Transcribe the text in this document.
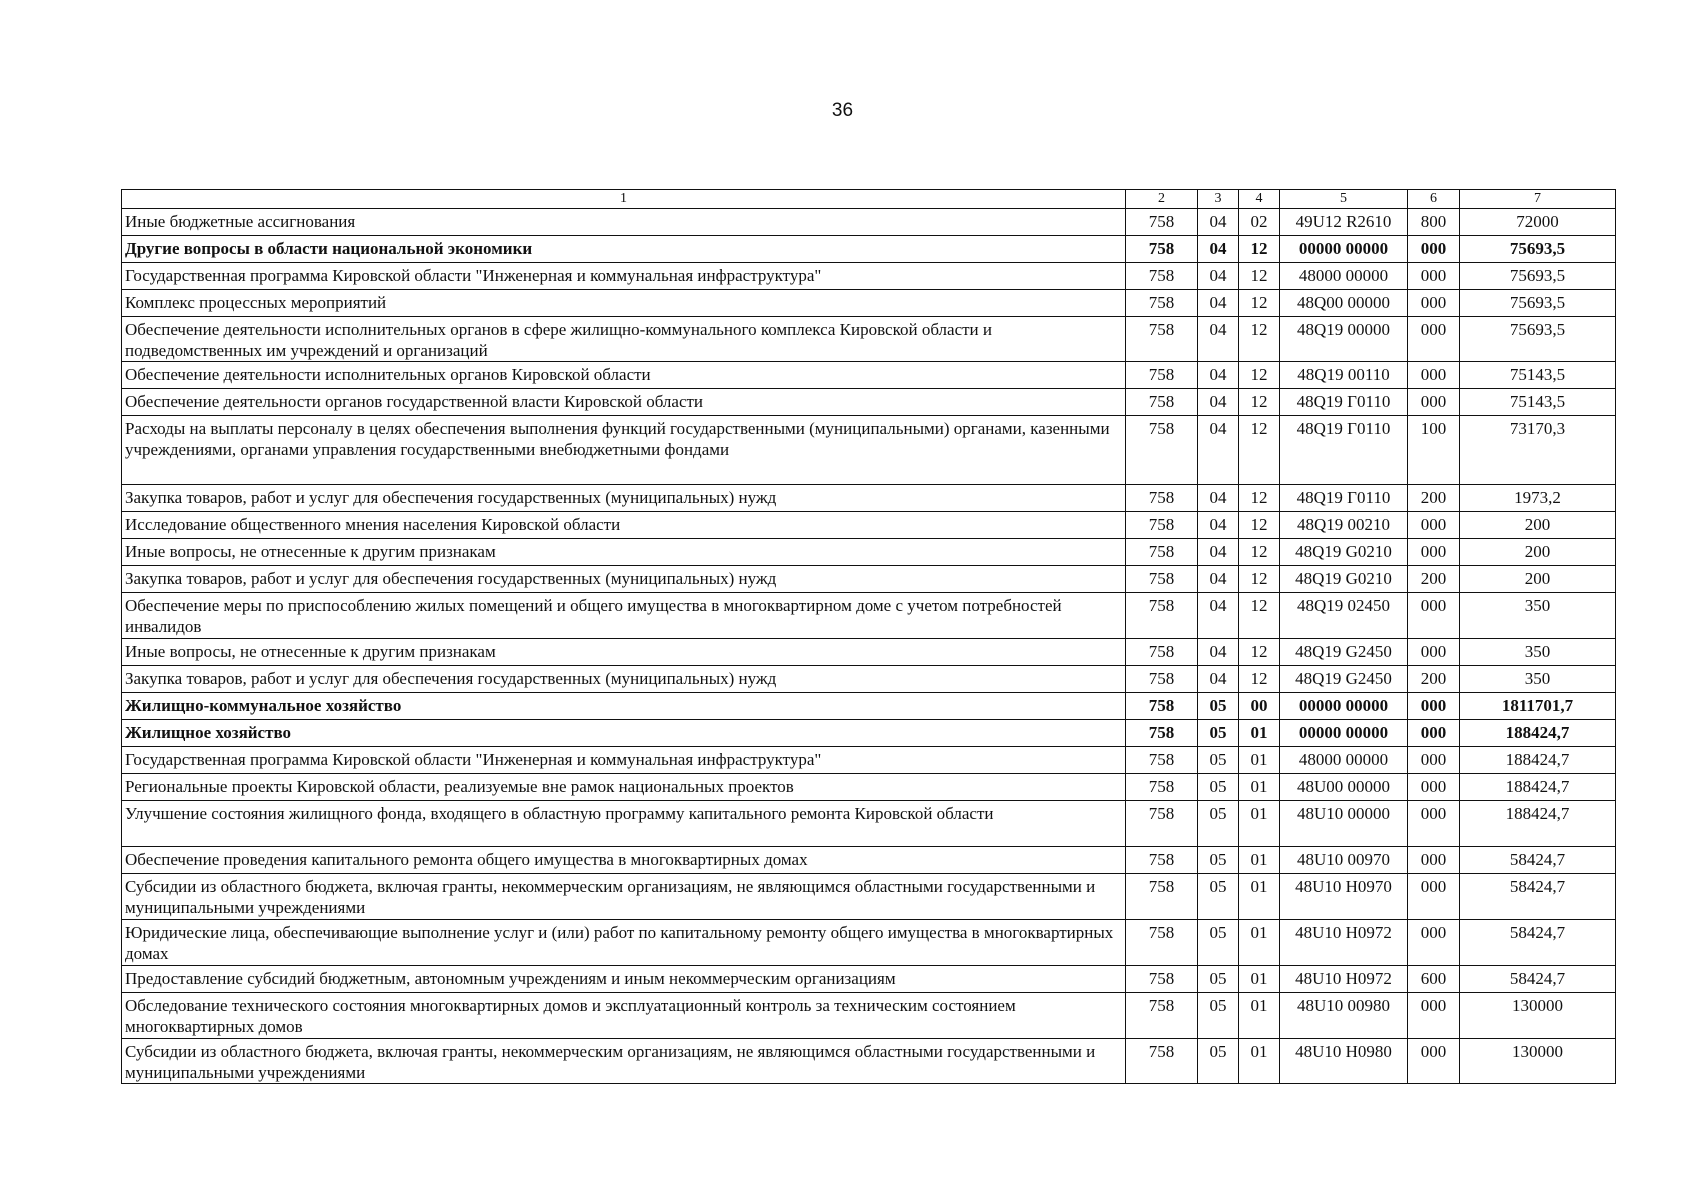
36
1	2	3	4	5	6	7
Иные бюджетные ассигнования	758	04	02	49U12 R2610	800	72000
Другие вопросы в области национальной экономики	758	04	12	00000 00000	000	75693,5
Государственная программа Кировской области "Инженерная и коммунальная инфраструктура"	758	04	12	48000 00000	000	75693,5
Комплекс процессных мероприятий	758	04	12	48Q00 00000	000	75693,5
Обеспечение деятельности исполнительных органов в сфере жилищно-коммунального комплекса Кировской области и подведомственных им учреждений и организаций	758	04	12	48Q19 00000	000	75693,5
Обеспечение деятельности исполнительных органов Кировской области	758	04	12	48Q19 00110	000	75143,5
Обеспечение деятельности органов государственной власти Кировской области	758	04	12	48Q19 Г0110	000	75143,5
Расходы на выплаты персоналу в целях обеспечения выполнения функций государственными (муниципальными) органами, казенными учреждениями, органами управления государственными внебюджетными фондами	758	04	12	48Q19 Г0110	100	73170,3
Закупка товаров, работ и услуг для обеспечения государственных (муниципальных) нужд	758	04	12	48Q19 Г0110	200	1973,2
Исследование общественного мнения населения Кировской области	758	04	12	48Q19 00210	000	200
Иные вопросы, не отнесенные к другим признакам	758	04	12	48Q19 G0210	000	200
Закупка товаров, работ и услуг для обеспечения государственных (муниципальных) нужд	758	04	12	48Q19 G0210	200	200
Обеспечение меры по приспособлению жилых помещений и общего имущества в многоквартирном доме с учетом потребностей инвалидов	758	04	12	48Q19 02450	000	350
Иные вопросы, не отнесенные к другим признакам	758	04	12	48Q19 G2450	000	350
Закупка товаров, работ и услуг для обеспечения государственных (муниципальных) нужд	758	04	12	48Q19 G2450	200	350
Жилищно-коммунальное хозяйство	758	05	00	00000 00000	000	1811701,7
Жилищное хозяйство	758	05	01	00000 00000	000	188424,7
Государственная программа Кировской области "Инженерная и коммунальная инфраструктура"	758	05	01	48000 00000	000	188424,7
Региональные проекты Кировской области, реализуемые вне рамок национальных проектов	758	05	01	48U00 00000	000	188424,7
Улучшение состояния жилищного фонда, входящего в областную программу капитального ремонта Кировской области	758	05	01	48U10 00000	000	188424,7
Обеспечение проведения капитального ремонта общего имущества в многоквартирных домах	758	05	01	48U10 00970	000	58424,7
Субсидии из областного бюджета, включая гранты, некоммерческим организациям, не являющимся областными государственными и муниципальными учреждениями	758	05	01	48U10 H0970	000	58424,7
Юридические лица, обеспечивающие выполнение услуг и (или) работ по капитальному ремонту общего имущества в многоквартирных домах	758	05	01	48U10 H0972	000	58424,7
Предоставление субсидий бюджетным, автономным учреждениям и иным некоммерческим организациям	758	05	01	48U10 H0972	600	58424,7
Обследование технического состояния многоквартирных домов и эксплуатационный контроль за техническим состоянием многоквартирных домов	758	05	01	48U10 00980	000	130000
Субсидии из областного бюджета, включая гранты, некоммерческим организациям, не являющимся областными государственными и муниципальными учреждениями	758	05	01	48U10 H0980	000	130000
